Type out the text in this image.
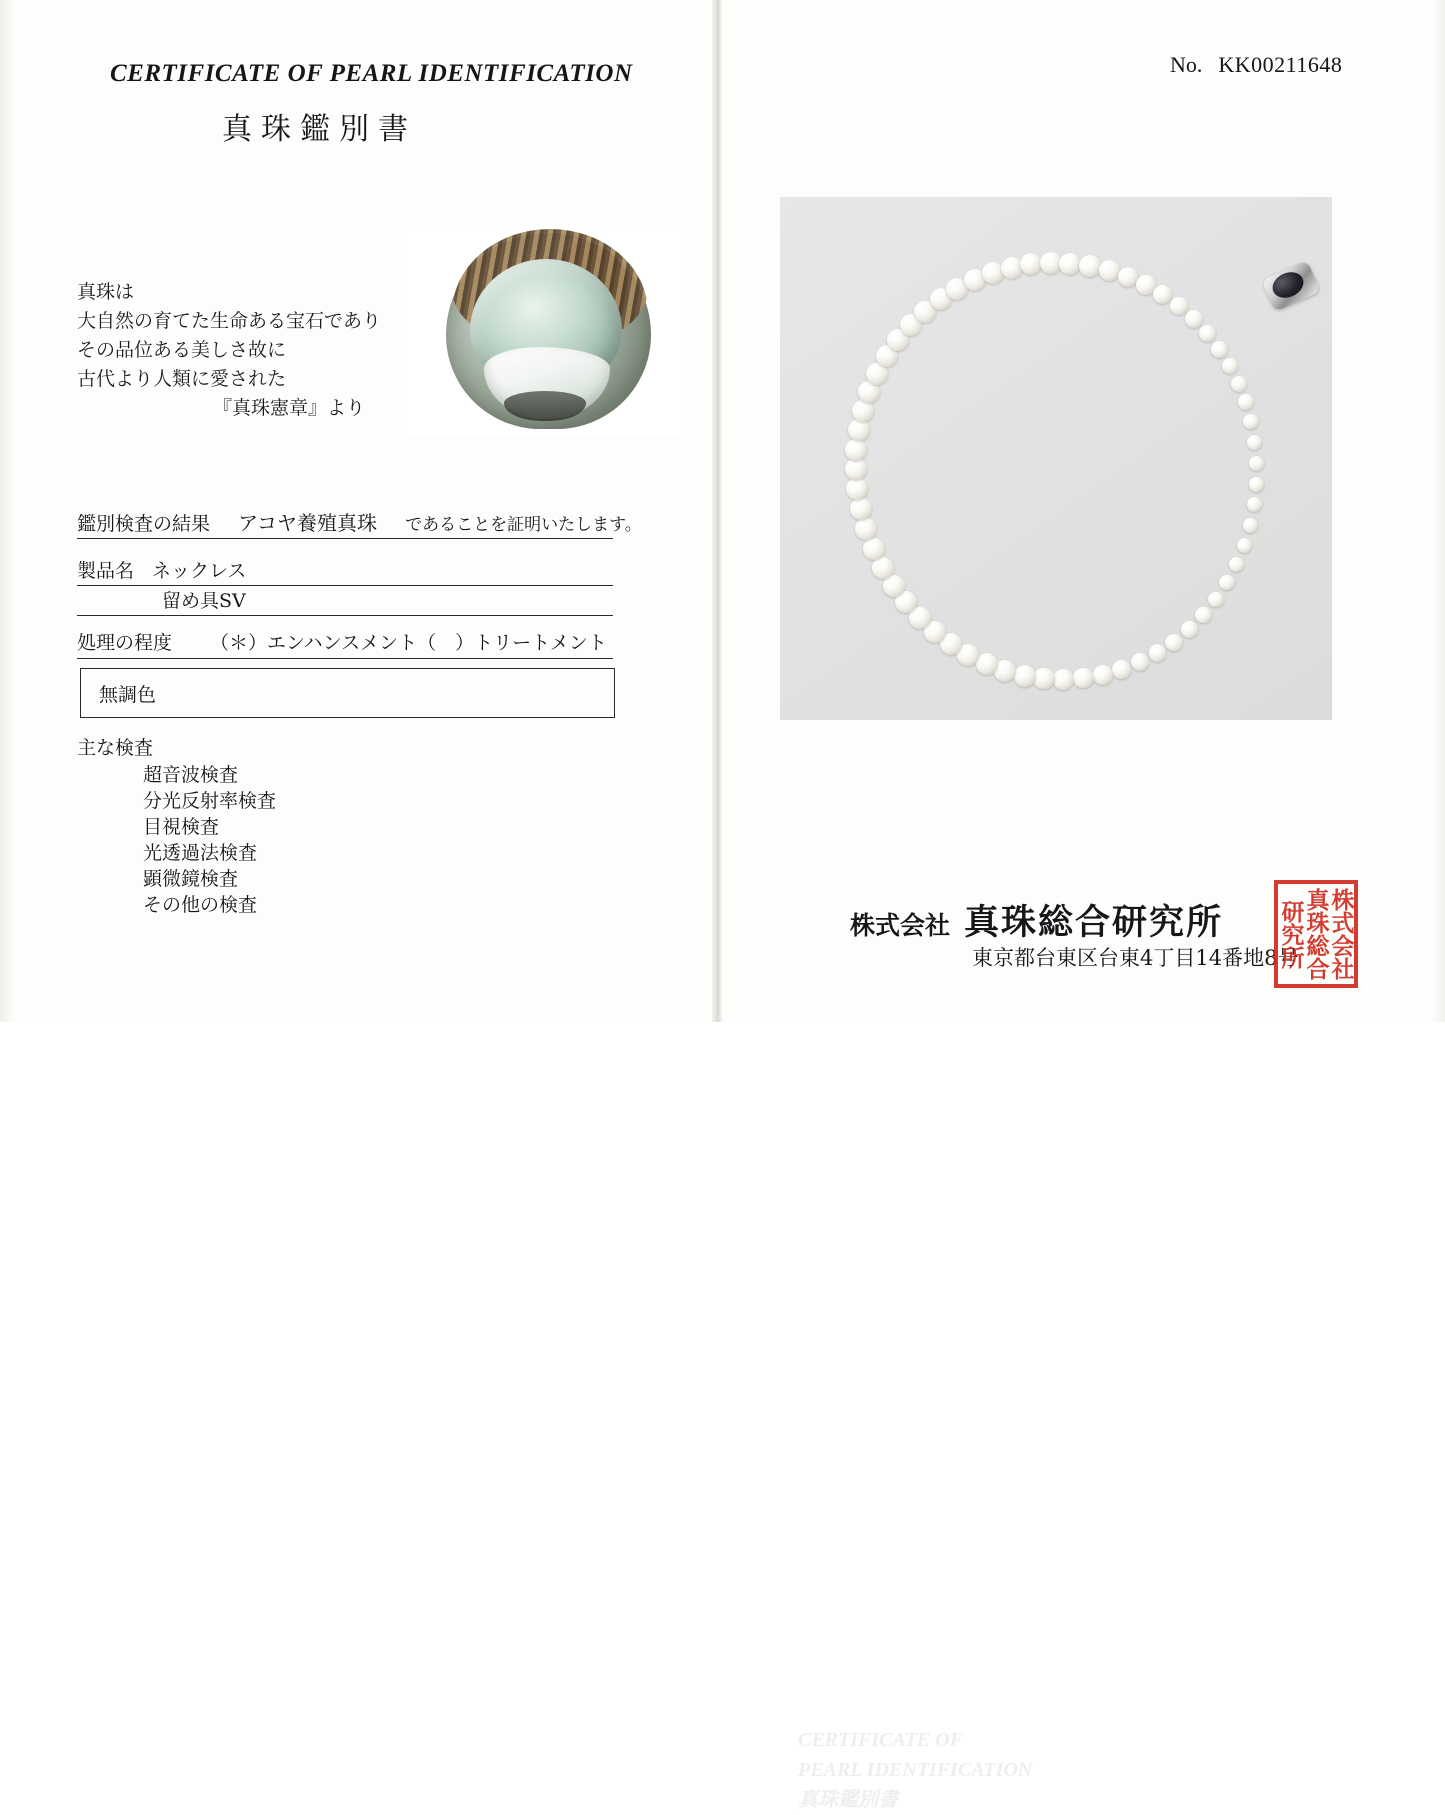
CERTIFICATE OF PEARL IDENTIFICATION
真珠鑑別書
真珠は
大自然の育てた生命ある宝石であり
その品位ある美しさ故に
古代より人類に愛された
『真珠憲章』より
鑑別検査の結果 アコヤ養殖真珠 であることを証明いたします。
製品名 ネックレス
留め具SV
処理の程度 （＊）エンハンスメント（　）トリートメント
無調色
主な検査
超音波検査
分光反射率検査
目視検査
光透過法検査
顕微鏡検査
その他の検査
No. KK00211648
CERTIFICATE OF
PEARL IDENTIFICATION
真珠鑑別書
株式会社 真珠総合研究所
東京都台東区台東4丁目14番地8号 株式会社
真珠総合
研究所
